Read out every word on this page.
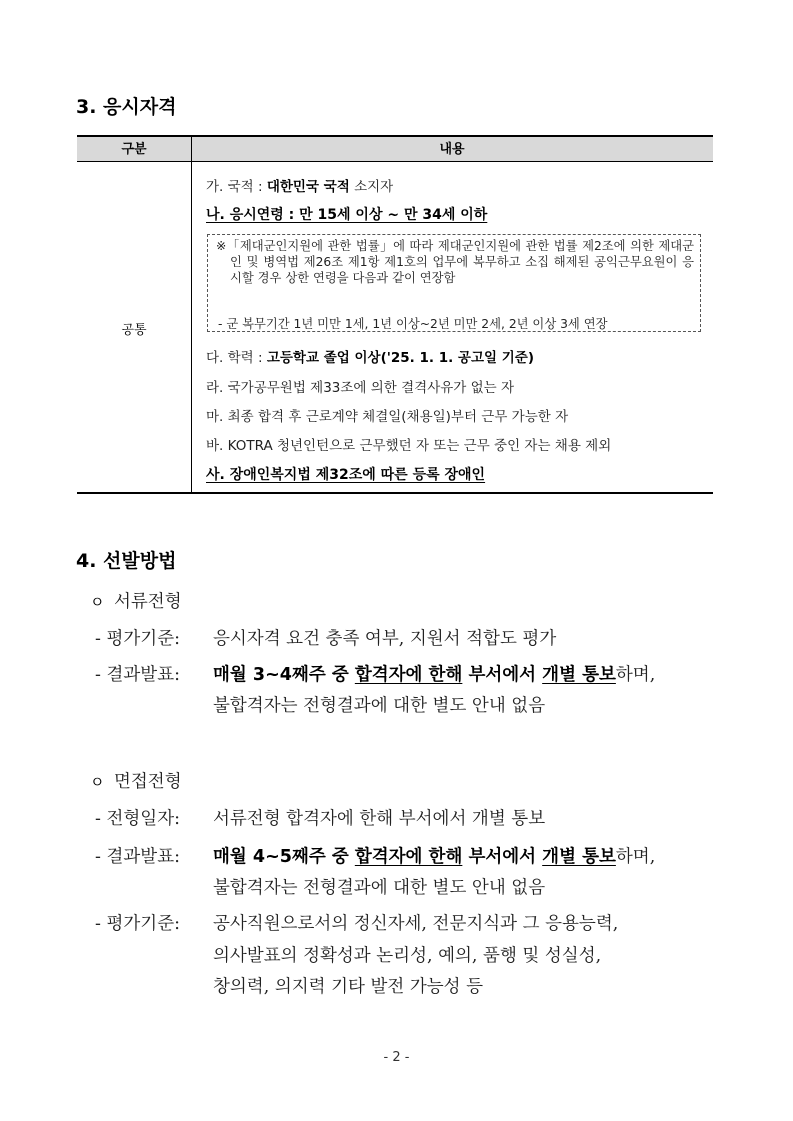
3. 응시자격
구분	내용
공통
가. 국적 : 대한민국 국적 소지자
나. 응시연령 : 만 15세 이상 ~ 만 34세 이하

※「제대군인지원에 관한 법률」에 따라 제대군인지원에 관한 법률 제2조에 의한 제대군인 및 병역법 제26조 제1항 제1호의 업무에 복무하고 소집 해제된 공익근무요원이 응시할 경우 상한 연령을 다음과 같이 연장함

- 군 복무기간 1년 미만 1세, 1년 이상~2년 미만 2세, 2년 이상 3세 연장
다. 학력 : 고등학교 졸업 이상('25. 1. 1. 공고일 기준)
라. 국가공무원법 제33조에 의한 결격사유가 없는 자
마. 최종 합격 후 근로계약 체결일(채용일)부터 근무 가능한 자
바. KOTRA 청년인턴으로 근무했던 자 또는 근무 중인 자는 채용 제외
사. 장애인복지법 제32조에 따른 등록 장애인
4. 선발방법
ㅇ 서류전형
- 평가기준: 응시자격 요건 충족 여부, 지원서 적합도 평가
- 결과발표: 매월 3~4째주 중 합격자에 한해 부서에서 개별 통보하며,
불합격자는 전형결과에 대한 별도 안내 없음
ㅇ 면접전형
- 전형일자: 서류전형 합격자에 한해 부서에서 개별 통보
- 결과발표: 매월 4~5째주 중 합격자에 한해 부서에서 개별 통보하며,
불합격자는 전형결과에 대한 별도 안내 없음
- 평가기준: 공사직원으로서의 정신자세, 전문지식과 그 응용능력,
의사발표의 정확성과 논리성, 예의, 품행 및 성실성,
창의력, 의지력 기타 발전 가능성 등
- 2 -
